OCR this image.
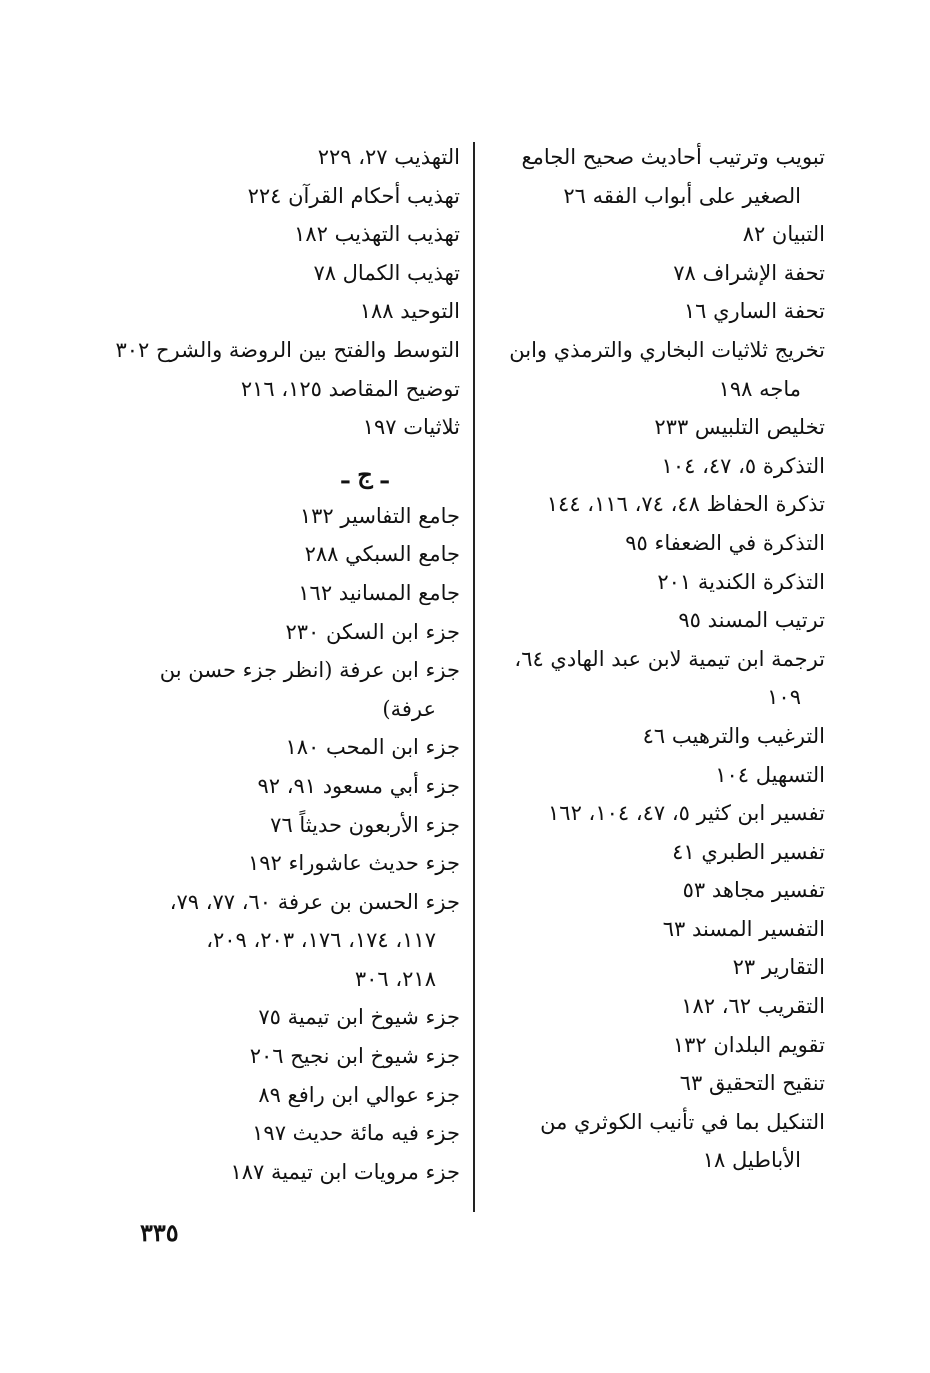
تبويب وترتيب أحاديث صحيح الجامع
الصغير على أبواب الفقه ٢٦
التبيان ٨٢
تحفة الإشراف ٧٨
تحفة الساري ١٦
تخريج ثلاثيات البخاري والترمذي وابن
ماجه ١٩٨
تخليص التلبيس ٢٣٣
التذكرة ٥، ٤٧، ١٠٤
تذكرة الحفاظ ٤٨، ٧٤، ١١٦، ١٤٤
التذكرة في الضعفاء ٩٥
التذكرة الكندية ٢٠١
ترتيب المسند ٩٥
ترجمة ابن تيمية لابن عبد الهادي ٦٤،
١٠٩
الترغيب والترهيب ٤٦
التسهيل ١٠٤
تفسير ابن كثير ٥، ٤٧، ١٠٤، ١٦٢
تفسير الطبري ٤١
تفسير مجاهد ٥٣
التفسير المسند ٦٣
التقارير ٢٣
التقريب ٦٢، ١٨٢
تقويم البلدان ١٣٢
تنقيح التحقيق ٦٣
التنكيل بما في تأنيب الكوثري من
الأباطيل ١٨
التهذيب ٢٧، ٢٢٩
تهذيب أحكام القرآن ٢٢٤
تهذيب التهذيب ١٨٢
تهذيب الكمال ٧٨
التوحيد ١٨٨
التوسط والفتح بين الروضة والشرح ٣٠٢
توضيح المقاصد ١٢٥، ٢١٦
ثلاثيات ١٩٧
ـ ج ـ
جامع التفاسير ١٣٢
جامع السبكي ٢٨٨
جامع المسانيد ١٦٢
جزء ابن السكن ٢٣٠
جزء ابن عرفة (انظر جزء حسن بن
عرفة)
جزء ابن المحب ١٨٠
جزء أبي مسعود ٩١، ٩٢
جزء الأربعون حديثاً ٧٦
جزء حديث عاشوراء ١٩٢
جزء الحسن بن عرفة ٦٠، ٧٧، ٧٩،
١١٧، ١٧٤، ١٧٦، ٢٠٣، ٢٠٩،
٢١٨، ٣٠٦
جزء شيوخ ابن تيمية ٧٥
جزء شيوخ ابن نجيح ٢٠٦
جزء عوالي ابن رافع ٨٩
جزء فيه مائة حديث ١٩٧
جزء مرويات ابن تيمية ١٨٧
٣٣٥
